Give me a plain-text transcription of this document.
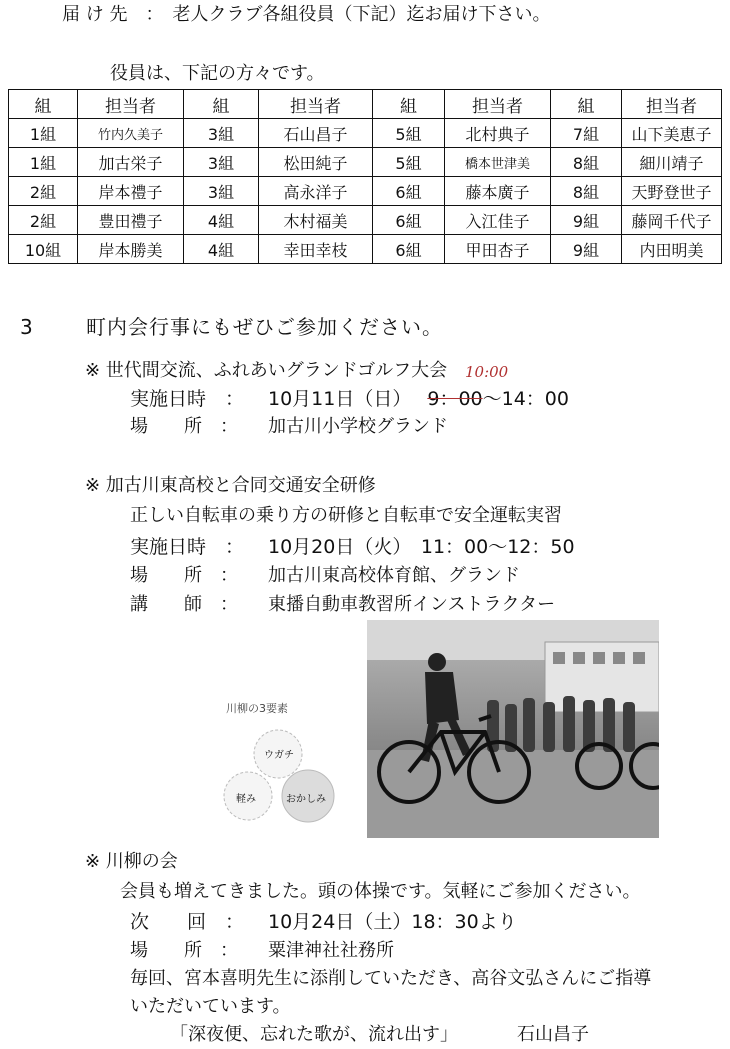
届 け 先　：　老人クラブ各組役員（下記）迄お届け下さい。
役員は、下記の方々です。
組	担当者	組	担当者	組	担当者	組	担当者
1組	竹内久美子	3組	石山昌子	5組	北村典子	7組	山下美恵子
1組	加古栄子	3組	松田純子	5組	橋本世津美	8組	細川靖子
2組	岸本禮子	3組	高永洋子	6組	藤本廣子	8組	天野登世子
2組	豊田禮子	4組	木村福美	6組	入江佳子	9組	藤岡千代子
10組	岸本勝美	4組	幸田幸枝	6組	甲田杏子	9組	内田明美
3	町内会行事にもぜひご参加ください。
※ 世代間交流、ふれあいグランドゴルフ大会 10:00
実施日時　： 10月11日（日） 9：00～14：00
場　　所　： 加古川小学校グランド
※ 加古川東高校と合同交通安全研修
正しい自転車の乗り方の研修と自転車で安全運転実習
実施日時　： 10月20日（火）　11：00～12：50
場　　所　： 加古川東高校体育館、グランド
講　　師　： 東播自動車教習所インストラクター
川柳の3要素
ウガチ
軽み	おかしみ
※ 川柳の会
会員も増えてきました。頭の体操です。気軽にご参加ください。
次　　回　： 10月24日（土）18：30より
場　　所　： 粟津神社社務所
毎回、宮本喜明先生に添削していただき、高谷文弘さんにご指導
いただいています。
「深夜便、忘れた歌が、流れ出す」	石山昌子
